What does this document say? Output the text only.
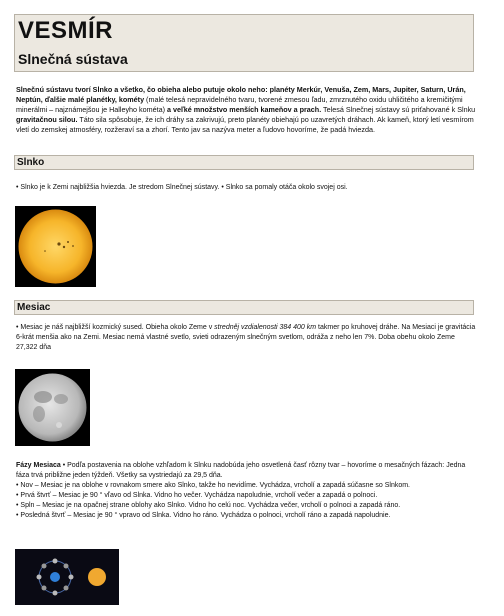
VESMÍR
Slnečná sústava

Slnečnú sústavu tvorí Slnko a všetko, čo obieha alebo putuje okolo neho: planéty Merkúr, Venuša, Zem, Mars, Jupiter, Saturn, Urán, Neptún, ďalšie malé planétky, kométy (malé telesá nepravidelného tvaru, tvorené zmesou ľadu, zmrznutého oxidu uhličitého a kremičitými minerálmi – najznámejšou je Halleyho kométa) a veľké množstvo menších kameňov a prach. Telesá Slnečnej sústavy sú priťahované k Slnku gravitačnou silou. Táto sila spôsobuje, že ich dráhy sa zakrivujú, preto planéty obiehajú po uzavretých dráhach. Ak kameň, ktorý letí vesmírom vletí do zemskej atmosféry, rozžeraví sa a zhorí. Tento jav sa nazýva meter a ľudovo hovoríme, že padá hviezda.

Slnko

• Slnko je k Zemi najbližšia hviezda. Je stredom Slnečnej sústavy. • Slnko sa pomaly otáča okolo svojej osi.

Mesiac

• Mesiac je náš najbližší kozmický sused. Obieha okolo Zeme v stredněj vzdialenosti 384 400 km takmer po kruhovej dráhe. Na Mesiaci je gravitácia 6-krát menšia ako na Zemi. Mesiac nemá vlastné svetlo, svieti odrazeným slnečným svetlom, odráža z neho len 7%. Doba obehu okolo Zeme 27,322 dňa

Fázy Mesiaca • Podľa postavenia na oblohe vzhľadom k Slnku nadobúda jeho osvetlená časť rôzny tvar – hovoríme o mesačných fázach: Jedna fáza trvá približne jeden týždeň. Všetky sa vystriedajú za 29,5 dňa.

• Nov – Mesiac je na oblohe v rovnakom smere ako Slnko, takže ho nevidíme. Vychádza, vrcholí a zapadá súčasne so Slnkom.

• Prvá štvrť – Mesiac je 90 ° vľavo od Slnka. Vidno ho večer. Vychádza napoludnie, vrcholí večer a zapadá o polnoci.

• Spln – Mesiac je na opačnej strane oblohy ako Slnko. Vidno ho celú noc. Vychádza večer, vrcholí o polnoci a zapadá ráno.

• Posledná štvrť – Mesiac je 90 ° vpravo od Slnka. Vidno ho ráno. Vychádza o polnoci, vrcholí ráno a zapadá napoludnie.
